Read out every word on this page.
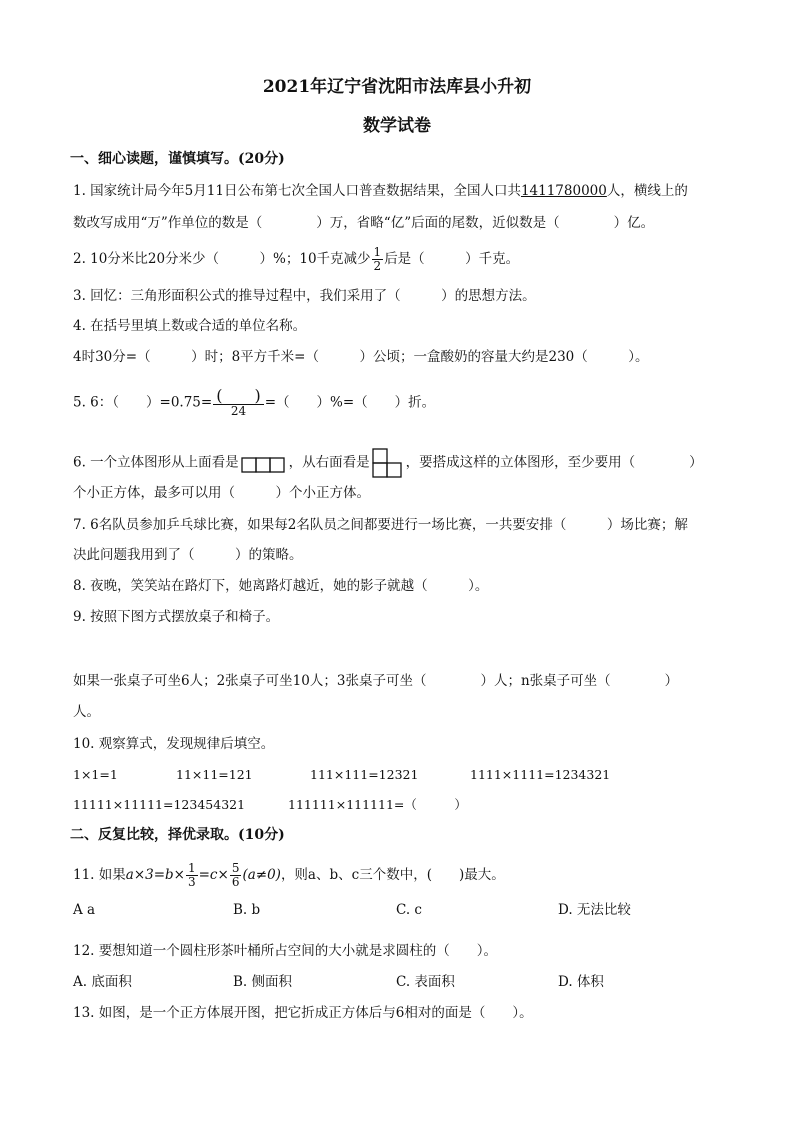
2021年辽宁省沈阳市法库县小升初
数学试卷
一、细心读题，谨慎填写。(20分)
1. 国家统计局今年5月11日公布第七次全国人口普查数据结果，全国人口共1411780000人，横线上的
数改写成用“万”作单位的数是（　　　　）万，省略“亿”后面的尾数，近似数是（　　　　）亿。
2. 10分米比20分米少（　　　）%；10千克减少 $\frac{1}{2}$ 后是（　　　）千克。
3. 回忆：三角形面积公式的推导过程中，我们采用了（　　　）的思想方法。
4. 在括号里填上数或合适的单位名称。
4时30分=（　　　）时；8平方千米=（　　　）公顷；一盒酸奶的容量大约是230（　　　）。
5. 6：（　　）$=0.75= \frac{( )}{24}$ =（　　）%=（　　）折。
6. 一个立体图形从上面看是	，从右面看是	，要搭成这样的立体图形，至少要用（　　　　）
个小正方体，最多可以用（　　　）个小正方体。
7. 6名队员参加乒乓球比赛，如果每2名队员之间都要进行一场比赛，一共要安排（　　　）场比赛；解
决此问题我用到了（　　　）的策略。
8. 夜晚，笑笑站在路灯下，她离路灯越近，她的影子就越（　　　）。
9. 按照下图方式摆放桌子和椅子。
如果一张桌子可坐6人；2张桌子可坐10人；3张桌子可坐（　　　　）人；n张桌子可坐（　　　　）
人。
10. 观察算式，发现规律后填空。
1×1=1	11×11=121	111×111=12321	1111×1111=1234321
11111×11111=123454321	111111×111111=（　　　）
二、反复比较，择优录取。(10分)
11. 如果$a\times 3=b\times \frac{1}{3} =c\times \frac{5}{6} (a\ne 0)$，则a、b、c三个数中，(　　)最大。
A a	B. b	C. c	D. 无法比较
12. 要想知道一个圆柱形茶叶桶所占空间的大小就是求圆柱的（　　）。
A. 底面积	B. 侧面积	C. 表面积	D. 体积
13. 如图，是一个正方体展开图，把它折成正方体后与6相对的面是（　　）。
